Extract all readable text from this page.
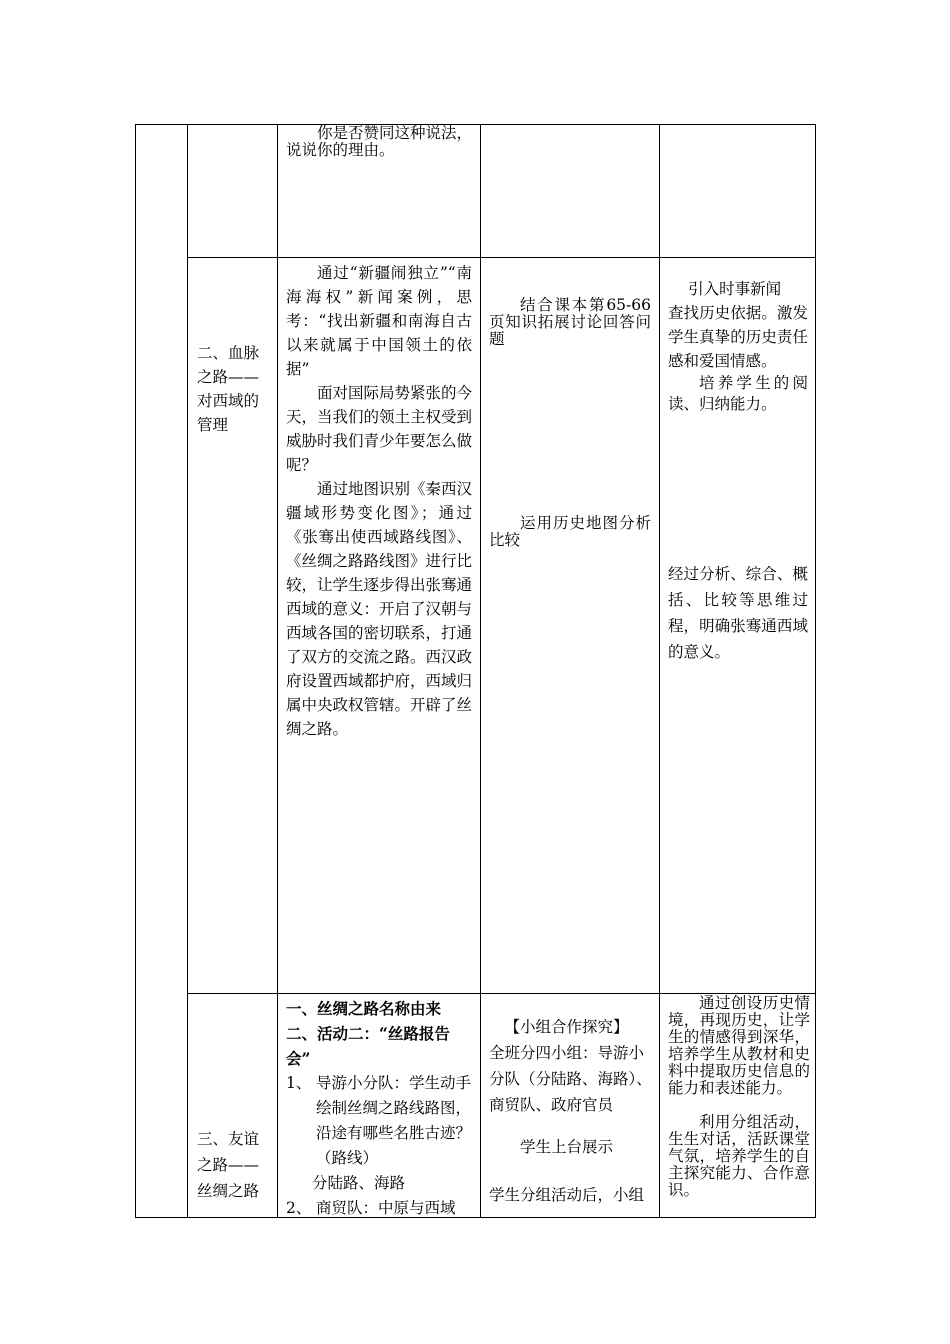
你是否赞同这种说法，说说你的理由。

二、血脉之路——对西域的管理

通过“新疆闹独立”“南海海权”新闻案例，思考：“找出新疆和南海自古以来就属于中国领土的依据”

面对国际局势紧张的今天，当我们的领土主权受到威胁时我们青少年要怎么做呢？

通过地图识别《秦西汉疆域形势变化图》；通过《张骞出使西域路线图》、《丝绸之路路线图》进行比较，让学生逐步得出张骞通西域的意义：开启了汉朝与西域各国的密切联系，打通了双方的交流之路。西汉政府设置西域都护府，西域归属中央政权管辖。开辟了丝绸之路。

结合课本第65-66页知识拓展讨论回答问题

运用历史地图分析比较

引入时事新闻

查找历史依据。激发学生真挚的历史责任感和爱国情感。

培养学生的阅读、归纳能力。

经过分析、综合、概括、比较等思维过程，明确张骞通西域的意义。

三、友谊之路——丝绸之路

一、丝绸之路名称由来

二、活动二：“丝路报告会”

1、 导游小分队：学生动手绘制丝绸之路线路图，沿途有哪些名胜古迹？（路线）

分陆路、海路

2、 商贸队：中原与西域

【小组合作探究】

全班分四小组：导游小分队（分陆路、海路）、商贸队、政府官员

学生上台展示

学生分组活动后，小组

通过创设历史情境，再现历史，让学生的情感得到深华，培养学生从教材和史料中提取历史信息的能力和表述能力。

利用分组活动，生生对话，活跃课堂气氛，培养学生的自主探究能力、合作意识。
